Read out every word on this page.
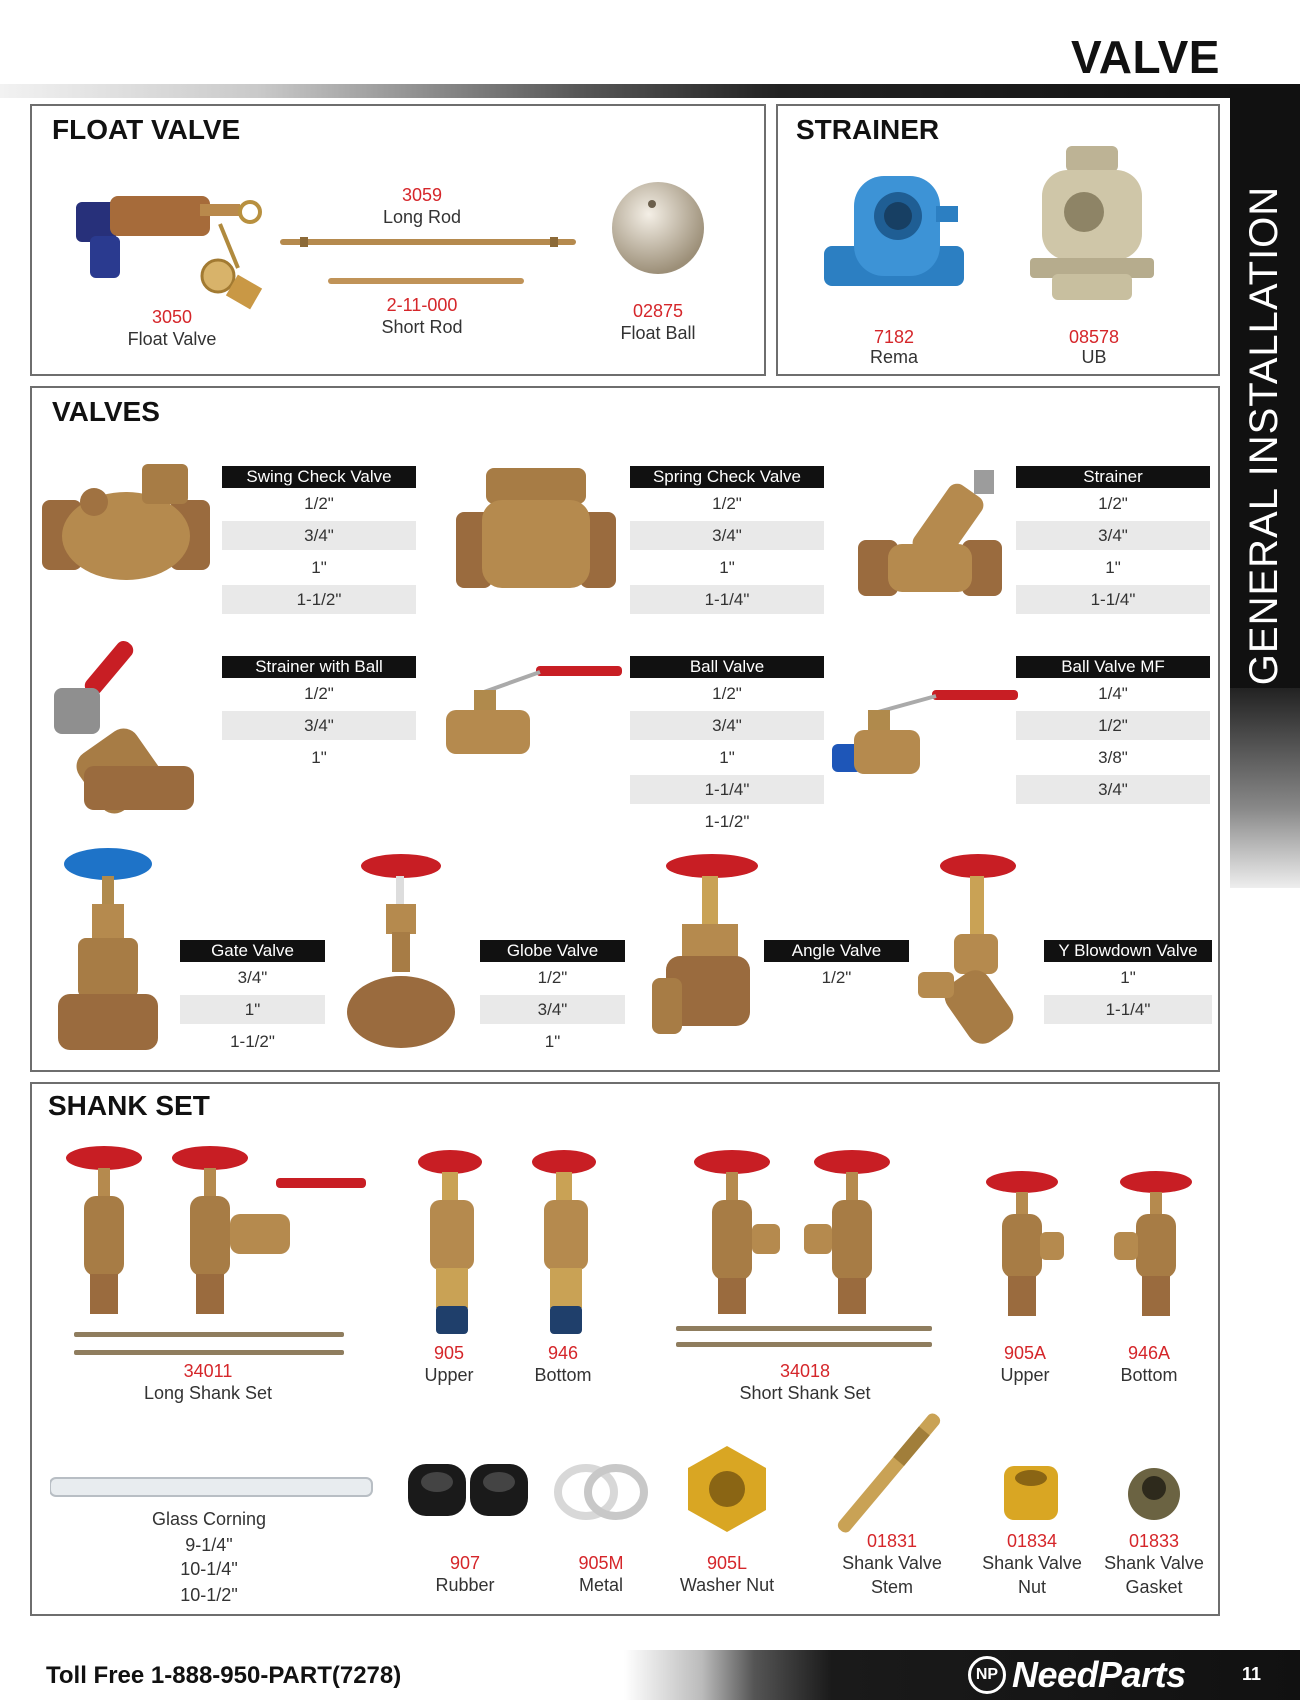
VALVE
GENERAL INSTALLATION
FLOAT VALVE
3050
Float Valve
3059
Long Rod
2-11-000
Short Rod
02875
Float Ball
STRAINER
7182
Rema
08578
UB
VALVES
Swing Check Valve
1/2"
3/4"
1"
1-1/2"
Spring Check Valve
1/2"
3/4"
1"
1-1/4"
Strainer
1/2"
3/4"
1"
1-1/4"
Strainer with Ball
1/2"
3/4"
1"
Ball Valve
1/2"
3/4"
1"
1-1/4"
1-1/2"
Ball Valve MF
1/4"
1/2"
3/8"
3/4"
Gate Valve
3/4"
1"
1-1/2"
Globe Valve
1/2"
3/4"
1"
Angle Valve
1/2"
Y Blowdown Valve
1"
1-1/4"
SHANK SET
34011
Long Shank Set
905
Upper
946
Bottom	34018
Short Shank Set
905A
Upper
946A
Bottom
Glass Corning
9-1/4"
10-1/4"
10-1/2"
907
Rubber
905M
Metal
905L
Washer Nut
01831
Shank Valve
Stem
01834
Shank Valve
Nut
01833
Shank Valve
Gasket
Toll Free 1-888-950-PART(7278)	NP NeedParts	11
